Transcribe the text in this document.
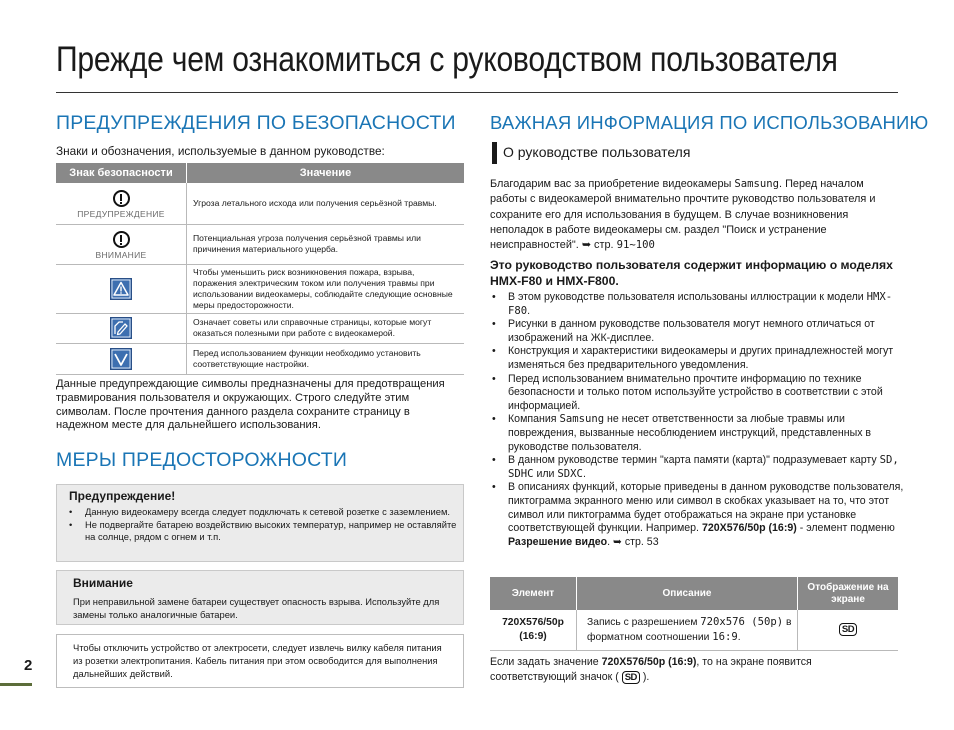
Прежде чем ознакомиться с руководством пользователя
ПРЕДУПРЕЖДЕНИЯ ПО БЕЗОПАСНОСТИ
Знаки и обозначения, используемые в данном руководстве:
Знак безопасности	Значение

ПРЕДУПРЕЖДЕНИЕ	Угроза летального исхода или получения серьёзной травмы.

ВНИМАНИЕ	Потенциальная угроза получения серьёзной травмы или причинения материального ущерба.

	Чтобы уменьшить риск возникновения пожара, взрыва, поражения электрическим током или получения травмы при использовании видеокамеры, соблюдайте следующие основные меры предосторожности.

	Означает советы или справочные страницы, которые могут оказаться полезными при работе с видеокамерой.

	Перед использованием функции необходимо установить соответствующие настройки.
Данные предупреждающие символы предназначены для предотвращения травмирования пользователя и окружающих. Строго следуйте этим символам. После прочтения данного раздела сохраните страницу в надежном месте для дальнейшего использования.
МЕРЫ ПРЕДОСТОРОЖНОСТИ
Предупреждение!
• Данную видеокамеру всегда следует подключать к сетевой розетке с заземлением.
• Не подвергайте батарею воздействию высоких температур, например не оставляйте на солнце, рядом с огнем и т.п.
Внимание
При неправильной замене батареи существует опасность взрыва. Используйте для замены только аналогичные батареи.
Чтобы отключить устройство от электросети, следует извлечь вилку кабеля питания из розетки электропитания. Кабель питания при этом освободится для выполнения дальнейших действий.
2
ВАЖНАЯ ИНФОРМАЦИЯ ПО ИСПОЛЬЗОВАНИЮ
О руководстве пользователя
Благодарим вас за приобретение видеокамеры Samsung. Перед началом работы с видеокамерой внимательно прочтите руководство пользователя и сохраните его для использования в будущем. В случае возникновения неполадок в работе видеокамеры см. раздел "Поиск и устранение неисправностей". ➥ стр. 91~100
Это руководство пользователя содержит информацию о моделях HMX-F80 и HMX-F800.
• В этом руководстве пользователя использованы иллюстрации к модели HMX-F80.
• Рисунки в данном руководстве пользователя могут немного отличаться от изображений на ЖК-дисплее.
• Конструкция и характеристики видеокамеры и других принадлежностей могут изменяться без предварительного уведомления.
• Перед использованием внимательно прочтите информацию по технике безопасности и только потом используйте устройство в соответствии с этой информацией.
• Компания Samsung не несет ответственности за любые травмы или повреждения, вызванные несоблюдением инструкций, представленных в руководстве пользователя.
• В данном руководстве термин "карта памяти (карта)" подразумевает карту SD, SDHC или SDXC.
• В описаниях функций, которые приведены в данном руководстве пользователя, пиктограмма экранного меню или символ в скобках указывает на то, что этот символ или пиктограмма будет отображаться на экране при установке соответствующей функции. Например. 720X576/50p (16:9) - элемент подменю Разрешение видео. ➥ стр. 53
Элемент	Описание	Отображение на экране
720X576/50p (16:9)	Запись с разрешением 720x576 (50p) в форматном соотношении 16:9.	SD
Если задать значение 720X576/50p (16:9), то на экране появится соответствующий значок ( SD ).
